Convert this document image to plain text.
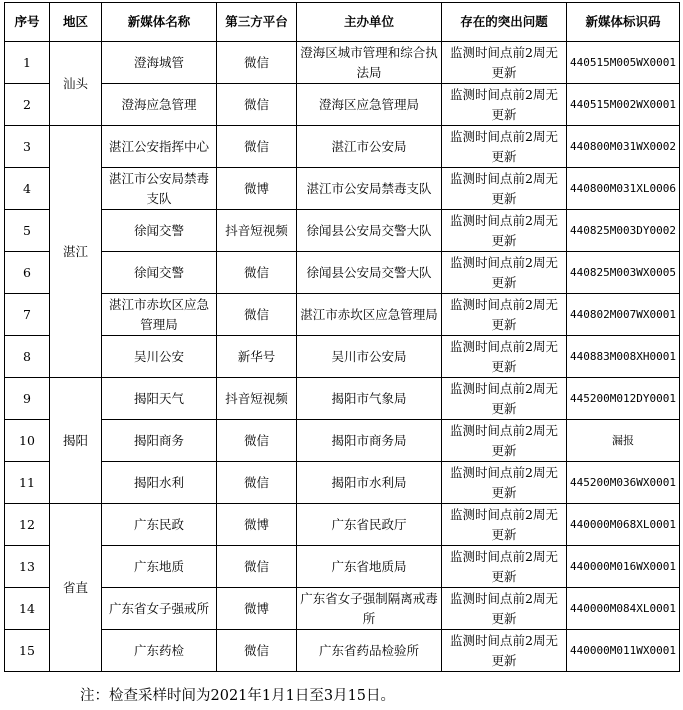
序号	地区	新媒体名称	第三方平台	主办单位	存在的突出问题	新媒体标识码
1	汕头	澄海城管	微信	澄海区城市管理和综合执法局	监测时间点前2周无更新	440515M005WX0001
2		澄海应急管理	微信	澄海区应急管理局	监测时间点前2周无更新	440515M002WX0001
3	湛江	湛江公安指挥中心	微信	湛江市公安局	监测时间点前2周无更新	440800M031WX0002
4		湛江市公安局禁毒支队	微博	湛江市公安局禁毒支队	监测时间点前2周无更新	440800M031XL0006
5		徐闻交警	抖音短视频	徐闻县公安局交警大队	监测时间点前2周无更新	440825M003DY0002
6		徐闻交警	微信	徐闻县公安局交警大队	监测时间点前2周无更新	440825M003WX0005
7		湛江市赤坎区应急管理局	微信	湛江市赤坎区应急管理局	监测时间点前2周无更新	440802M007WX0001
8		吴川公安	新华号	吴川市公安局	监测时间点前2周无更新	440883M008XH0001
9	揭阳	揭阳天气	抖音短视频	揭阳市气象局	监测时间点前2周无更新	445200M012DY0001
10		揭阳商务	微信	揭阳市商务局	监测时间点前2周无更新	漏报
11		揭阳水利	微信	揭阳市水利局	监测时间点前2周无更新	445200M036WX0001
12	省直	广东民政	微博	广东省民政厅	监测时间点前2周无更新	440000M068XL0001
13		广东地质	微信	广东省地质局	监测时间点前2周无更新	440000M016WX0001
14		广东省女子强戒所	微博	广东省女子强制隔离戒毒所	监测时间点前2周无更新	440000M084XL0001
15		广东药检	微信	广东省药品检验所	监测时间点前2周无更新	440000M011WX0001
注：检查采样时间为2021年1月1日至3月15日。
